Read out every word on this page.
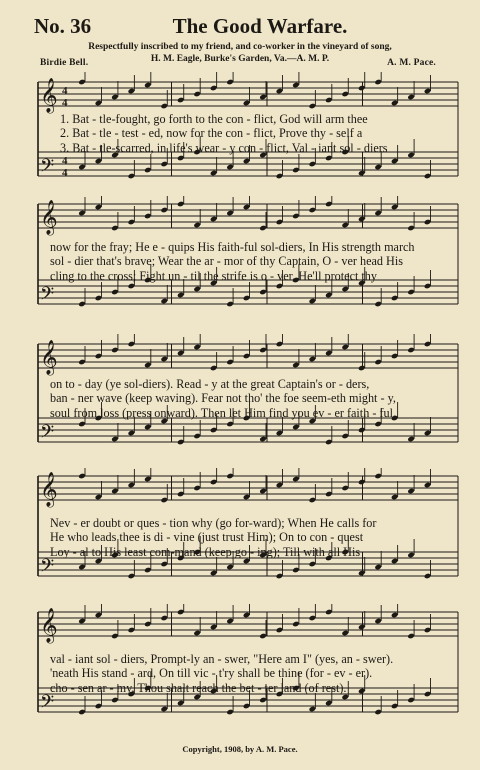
No. 36	The Good Warfare.
Respectfully inscribed to my friend, and co-worker in the vineyard of song,
H. M. Eagle, Burke's Garden, Va.—A. M. P.
Birdie Bell.	A. M. Pace.
𝄞 4
4
𝄢 4
4
1. Bat - tle-fought, go forth to the con - flict, God will arm thee
2. Bat - tle - test - ed, now for the con - flict, Prove thy - self a
3. Bat - tle-scarred, in life's wear - y con - flict, Val - iant sol - diers
𝄞
𝄢
now for the fray; He e - quips His faith-ful sol-diers, In His strength march
sol - dier that's brave; Wear the ar - mor of thy Captain, O - ver head His
cling to the cross; Fight un - til the strife is o - ver, He'll protect thy
𝄞
𝄢
on to - day (ye sol-diers). Read - y at the great Captain's or - ders,
ban - ner wave (keep waving). Fear not tho' the foe seem-eth might - y,
soul from loss (press onward). Then let Him find you ev - er faith - ful,
𝄞
𝄢
Nev - er doubt or ques - tion why (go for-ward); When He calls for
He who leads thee is di - vine (just trust Him); On to con - quest
Loy - al to His least com-mand (keep go - ing); Till with all His
𝄞
𝄢
val - iant sol - diers, Prompt-ly an - swer, "Here am I" (yes, an - swer).
'neath His stand - ard, On till vic - t'ry shall be thine (for - ev - er).
cho - sen ar - my, Thou shalt reach the bet - ter land (of rest).
Copyright, 1908, by A. M. Pace.
